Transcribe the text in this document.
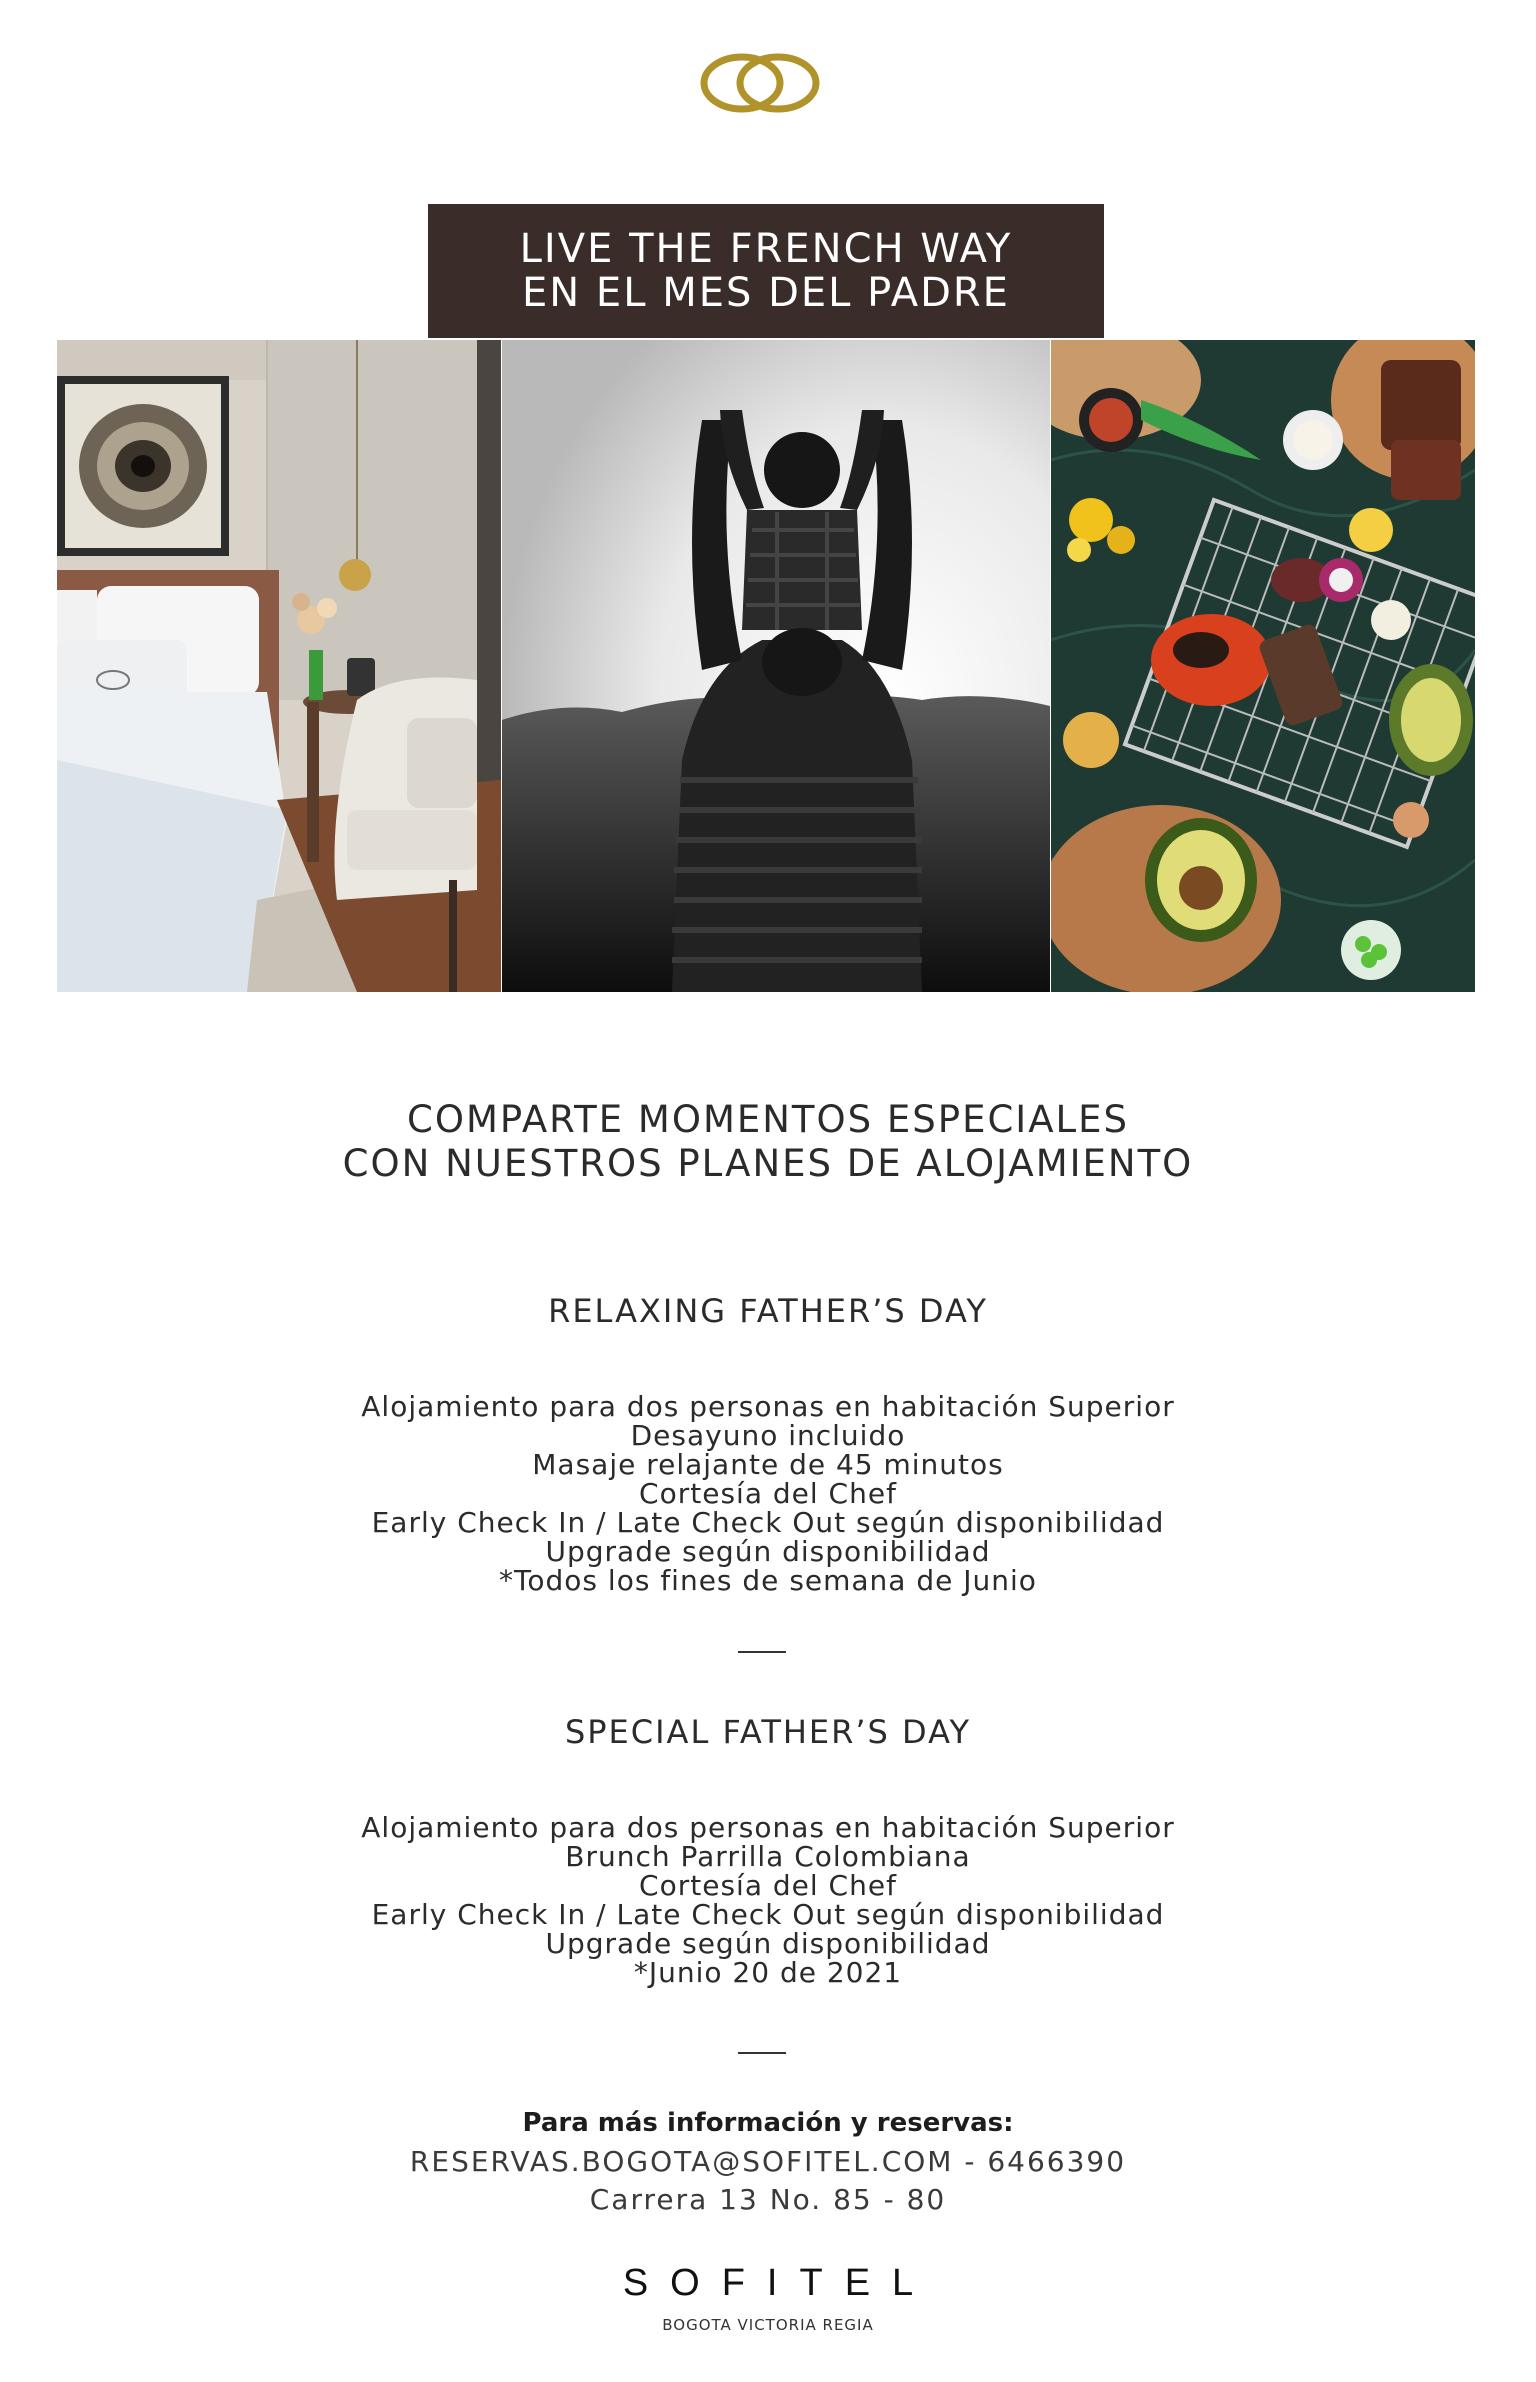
LIVE THE FRENCH WAY
EN EL MES DEL PADRE
COMPARTE MOMENTOS ESPECIALES
CON NUESTROS PLANES DE ALOJAMIENTO
RELAXING FATHER’S DAY
Alojamiento para dos personas en habitación Superior
Desayuno incluido
Masaje relajante de 45 minutos
Cortesía del Chef
Early Check In / Late Check Out según disponibilidad
Upgrade según disponibilidad
*Todos los fines de semana de Junio
SPECIAL FATHER’S DAY
Alojamiento para dos personas en habitación Superior
Brunch Parrilla Colombiana
Cortesía del Chef
Early Check In / Late Check Out según disponibilidad
Upgrade según disponibilidad
*Junio 20 de 2021
Para más información y reservas:
RESERVAS.BOGOTA@SOFITEL.COM - 6466390
Carrera 13 No. 85 - 80
SOFITEL
BOGOTA VICTORIA REGIA
